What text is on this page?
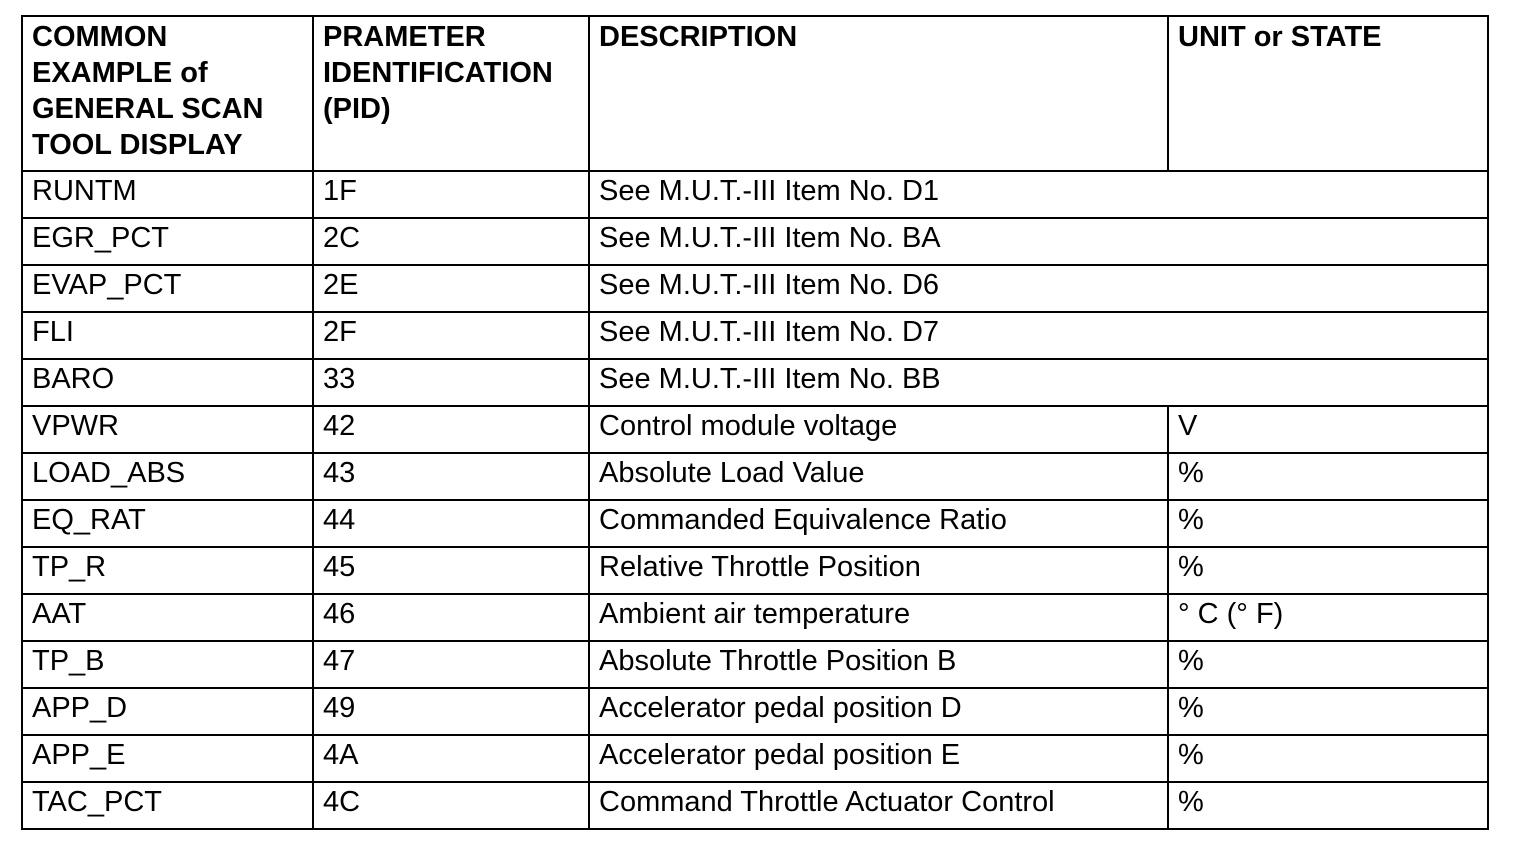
COMMON EXAMPLE of GENERAL SCAN TOOL DISPLAY	PRAMETER IDENTIFICATION (PID)	DESCRIPTION	UNIT or STATE
RUNTM	1F	See M.U.T.-III Item No. D1	
EGR_PCT	2C	See M.U.T.-III Item No. BA	
EVAP_PCT	2E	See M.U.T.-III Item No. D6	
FLI	2F	See M.U.T.-III Item No. D7	
BARO	33	See M.U.T.-III Item No. BB	
VPWR	42	Control module voltage	V
LOAD_ABS	43	Absolute Load Value	%
EQ_RAT	44	Commanded Equivalence Ratio	%
TP_R	45	Relative Throttle Position	%
AAT	46	Ambient air temperature	° C (° F)
TP_B	47	Absolute Throttle Position B	%
APP_D	49	Accelerator pedal position D	%
APP_E	4A	Accelerator pedal position E	%
TAC_PCT	4C	Command Throttle Actuator Control	%
